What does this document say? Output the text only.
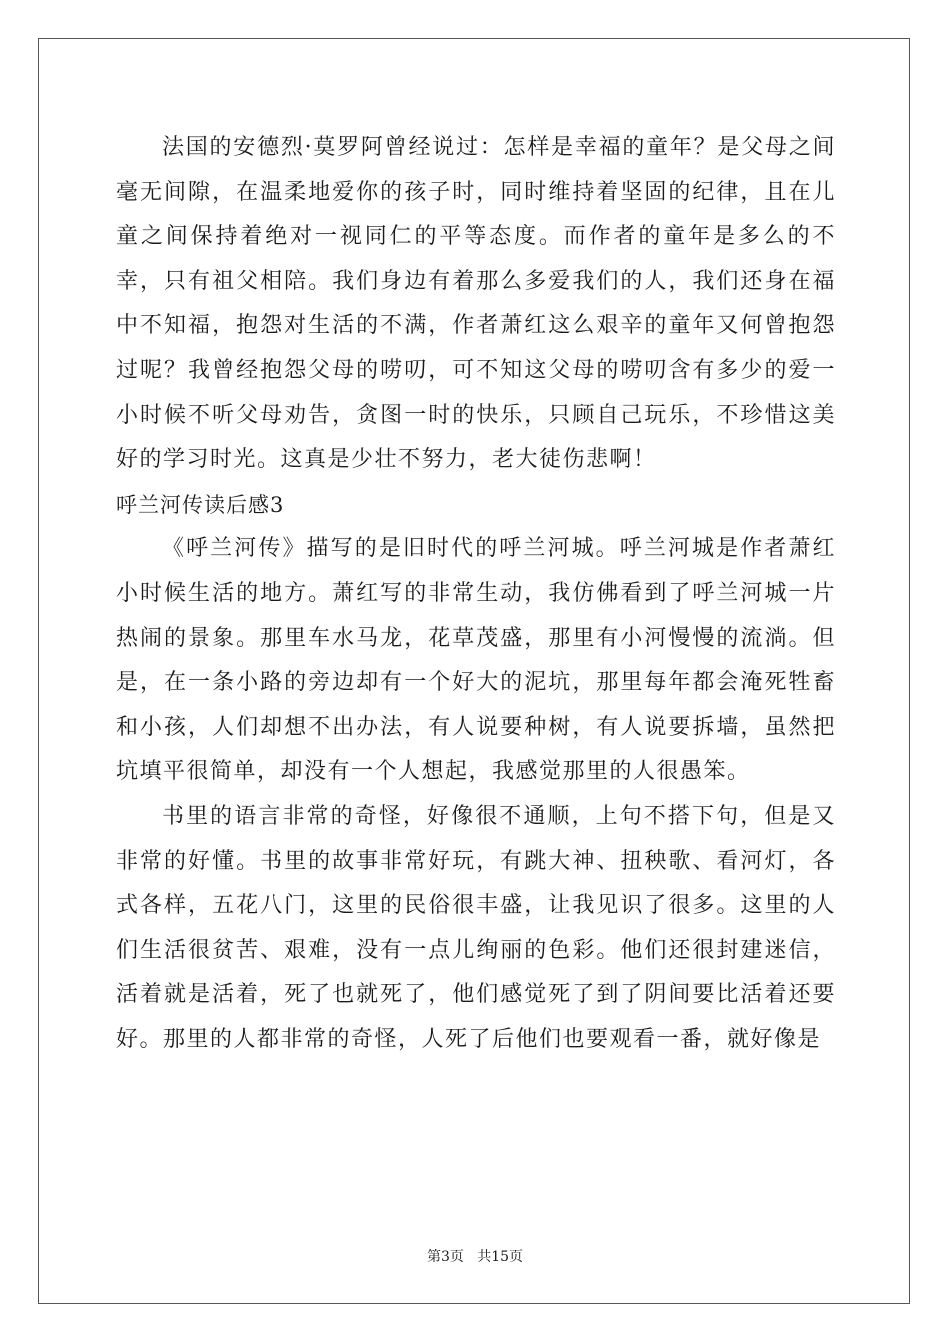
法国的安德烈·莫罗阿曾经说过：怎样是幸福的童年？是父母之间毫无间隙，在温柔地爱你的孩子时，同时维持着坚固的纪律，且在儿童之间保持着绝对一视同仁的平等态度。而作者的童年是多么的不幸，只有祖父相陪。我们身边有着那么多爱我们的人，我们还身在福中不知福，抱怨对生活的不满，作者萧红这么艰辛的童年又何曾抱怨过呢？我曾经抱怨父母的唠叨，可不知这父母的唠叨含有多少的爱一小时候不听父母劝告，贪图一时的快乐，只顾自己玩乐，不珍惜这美好的学习时光。这真是少壮不努力，老大徒伤悲啊！

呼兰河传读后感3

《呼兰河传》描写的是旧时代的呼兰河城。呼兰河城是作者萧红小时候生活的地方。萧红写的非常生动，我仿佛看到了呼兰河城一片热闹的景象。那里车水马龙，花草茂盛，那里有小河慢慢的流淌。但是，在一条小路的旁边却有一个好大的泥坑，那里每年都会淹死牲畜和小孩，人们却想不出办法，有人说要种树，有人说要拆墙，虽然把坑填平很简单，却没有一个人想起，我感觉那里的人很愚笨。

书里的语言非常的奇怪，好像很不通顺，上句不搭下句，但是又非常的好懂。书里的故事非常好玩，有跳大神、扭秧歌、看河灯，各式各样，五花八门，这里的民俗很丰盛，让我见识了很多。这里的人们生活很贫苦、艰难，没有一点儿绚丽的色彩。他们还很封建迷信，活着就是活着，死了也就死了，他们感觉死了到了阴间要比活着还要好。那里的人都非常的奇怪，人死了后他们也要观看一番，就好像是

第3页   共15页
